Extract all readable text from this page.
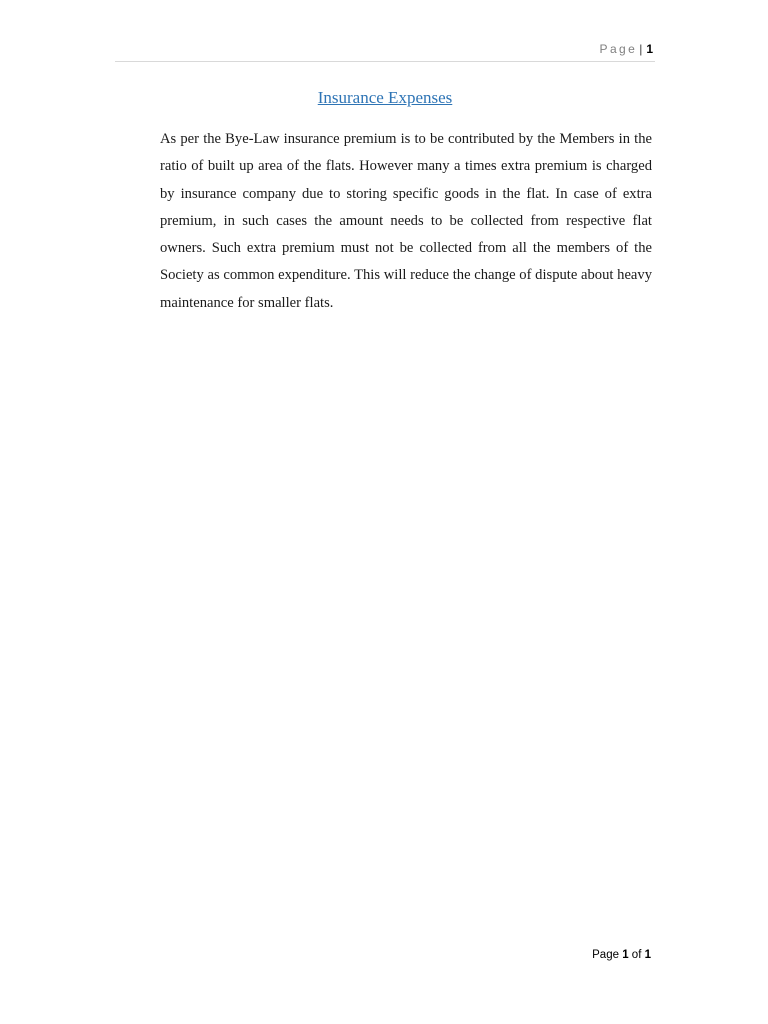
Page | 1
Insurance Expenses

As per the Bye-Law insurance premium is to be contributed by the Members in the ratio of built up area of the flats. However many a times extra premium is charged by insurance company due to storing specific goods in the flat. In case of extra premium, in such cases the amount needs to be collected from respective flat owners. Such extra premium must not be collected from all the members of the Society as common expenditure. This will reduce the change of dispute about heavy maintenance for smaller flats.

Page 1 of 1
